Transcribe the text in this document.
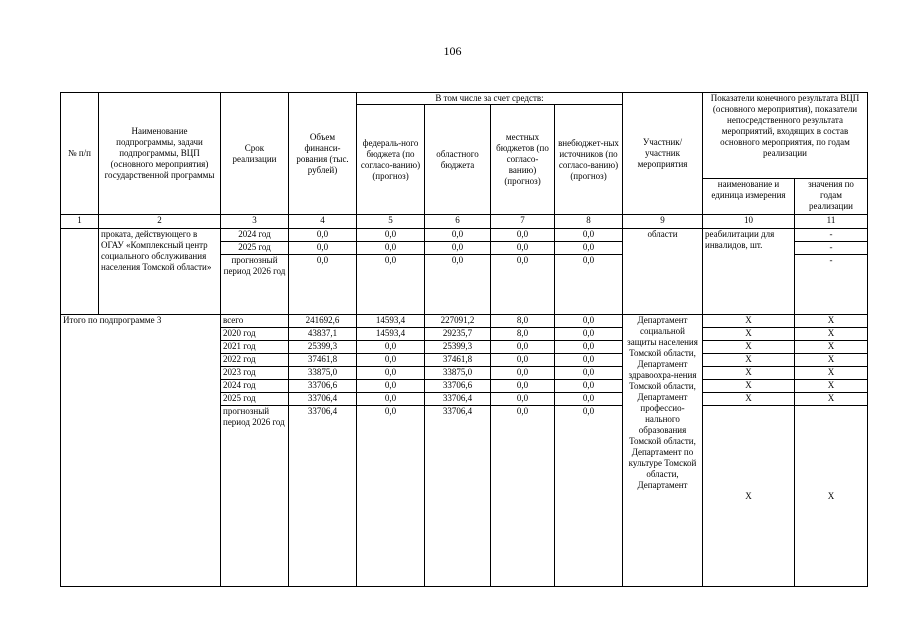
106
№ п/п	Наименование подпрограммы, задачи подпрограммы, ВЦП (основного мероприятия) государственной программы	Срок реализации	Объем финанси-рования (тыс. рублей)	В том числе за счет средств:				Участник/ участник мероприятия	Показатели конечного результата ВЦП (основного мероприятия), показатели непосредственного результата мероприятий, входящих в состав основного мероприятия, по годам реализации	
				федераль-ного бюджета (по согласо-ванию) (прогноз)	областного бюджета	местных бюджетов (по согласо-ванию) (прогноз)	внебюджет-ных источников (по согласо-ванию) (прогноз)			
									наименование и единица измерения	значения по годам реализации
1	2	3	4	5	6	7	8	9	10	11
	проката, действующего в ОГАУ «Комплексный центр социального обслуживания населения Томской области»	2024 год	0,0	0,0	0,0	0,0	0,0	области	реабилитации для инвалидов, шт.	-
		2025 год	0,0	0,0	0,0	0,0	0,0			-
		прогнозный период 2026 год	0,0	0,0	0,0	0,0	0,0			-
Итого по подпрограмме 3		всего	241692,6	14593,4	227091,2	8,0	0,0	Департамент социальной защиты населения Томской области, Департамент здравоохра-нения Томской области, Департамент профессио-нального образования Томской области, Департамент по культуре Томской области, Департамент	X	X
		2020 год	43837,1	14593,4	29235,7	8,0	0,0		X	X
		2021 год	25399,3	0,0	25399,3	0,0	0,0		X	X
		2022 год	37461,8	0,0	37461,8	0,0	0,0		X	X
		2023 год	33875,0	0,0	33875,0	0,0	0,0		X	X
		2024 год	33706,6	0,0	33706,6	0,0	0,0		X	X
		2025 год	33706,4	0,0	33706,4	0,0	0,0		X	X
		прогнозный период 2026 год	33706,4	0,0	33706,4	0,0	0,0		X	X
